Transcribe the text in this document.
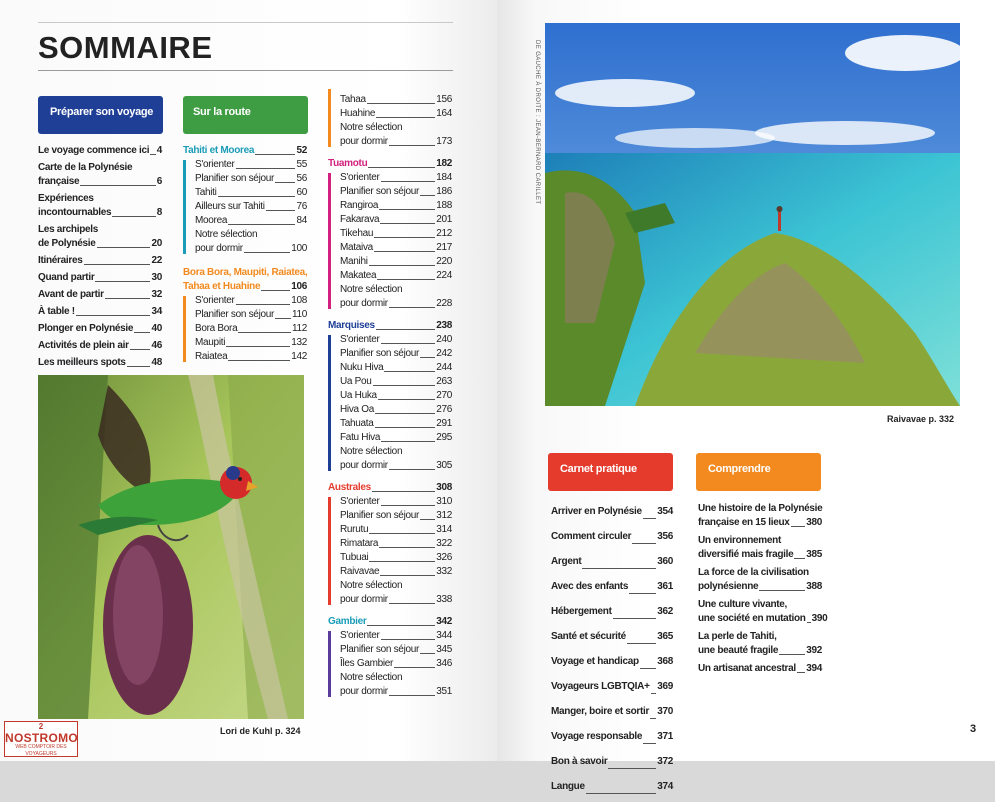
SOMMAIRE
Préparer son voyage
Le voyage commence ici 4
Carte de la Polynésie
française	6
Expériences
incontournables	8
Les archipels
de Polynésie	20
Itinéraires	22
Quand partir	30
Avant de partir	32
À table !	34
Plonger en Polynésie 40
Activités de plein air 46
Les meilleurs spots	48
Sur la route
Tahiti et Moorea	52
S'orienter	55
Planifier son séjour 56
Tahiti	60
Ailleurs sur Tahiti	76
Moorea	84
Notre sélection
pour dormir	100
Bora Bora, Maupiti, Raiatea,
Tahaa et Huahine	106
S'orienter	108
Planifier son séjour 110
Bora Bora	112
Maupiti	132
Raiatea	142
Tahaa	156
Huahine	164
Notre sélection
pour dormir	173
Tuamotu	182
S'orienter	184
Planifier son séjour 186
Rangiroa	188
Fakarava	201
Tikehau	212
Mataiva	217
Manihi	220
Makatea	224
Notre sélection
pour dormir	228
Marquises	238
S'orienter	240
Planifier son séjour 242
Nuku Hiva	244
Ua Pou	263
Ua Huka	270
Hiva Oa	276
Tahuata	291
Fatu Hiva	295
Notre sélection
pour dormir	305
Australes	308
S'orienter	310
Planifier son séjour 312
Rurutu	314
Rimatara	322
Tubuai	326
Raivavae	332
Notre sélection
pour dormir	338
Gambier	342
S'orienter	344
Planifier son séjour 345
Îles Gambier	346
Notre sélection
pour dormir	351
Lori de Kuhl p. 324
Raivavae p. 332
DE GAUCHE À DROITE : JEAN-BERNARD CARILLET
Carnet pratique
Arriver en Polynésie 354
Comment circuler	356
Argent	360
Avec des enfants	361
Hébergement	362
Santé et sécurité	365
Voyage et handicap 368
Voyageurs LGBTQIA+ 369
Manger, boire et sortir 370
Voyage responsable 371
Bon à savoir	372
Langue	374
Comprendre
Une histoire de la Polynésie
française en 15 lieux 380
Un environnement
diversifié mais fragile 385
La force de la civilisation
polynésienne	388
Une culture vivante,
une société en mutation 390
La perle de Tahiti,
une beauté fragile	392
Un artisanat ancestral 394
3
2
NOSTROMO
WEB COMPTOIR DES VOYAGEURS
